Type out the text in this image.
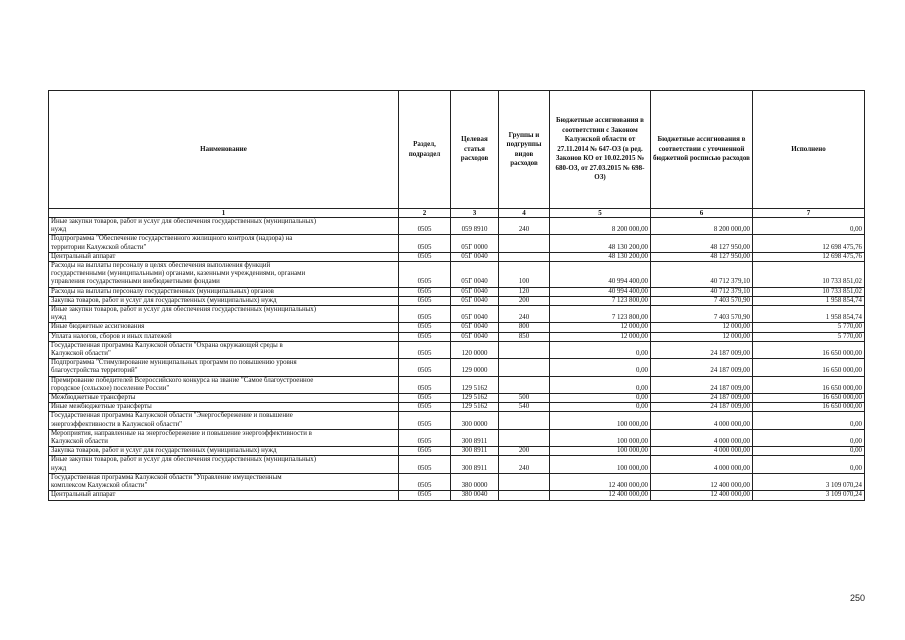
Наименование	Раздел, подраздел	Целевая статья расходов	Группы и подгруппы видов расходов	Бюджетные ассигнования в соответствии с Законом Калужской области от 27.11.2014 № 647-ОЗ (в ред. Законов КО от 10.02.2015 № 680-ОЗ, от 27.03.2015 № 698-ОЗ)	Бюджетные ассигнования в соответствии с уточненной бюджетной росписью расходов	Исполнено
1	2	3	4	5	6	7
Иные закупки товаров, работ и услуг для обеспечения государственных (муниципальных)
нужд	0505	059 8910	240	8 200 000,00	8 200 000,00	0,00
Подпрограмма "Обеспечение государственного жилищного контроля (надзора) на
территории Калужской области"	0505	05Г 0000		48 130 200,00	48 127 950,00	12 698 475,76
Центральный аппарат	0505	05Г 0040		48 130 200,00	48 127 950,00	12 698 475,76
Расходы на выплаты персоналу в целях обеспечения выполнения функций
государственными (муниципальными) органами, казенными учреждениями, органами
управления государственными внебюджетными фондами	0505	05Г 0040	100	40 994 400,00	40 712 379,10	10 733 851,02
Расходы на выплаты персоналу государственных (муниципальных) органов	0505	05Г 0040	120	40 994 400,00	40 712 379,10	10 733 851,02
Закупка товаров, работ и услуг для государственных (муниципальных) нужд	0505	05Г 0040	200	7 123 800,00	7 403 570,90	1 958 854,74
Иные закупки товаров, работ и услуг для обеспечения государственных (муниципальных)
нужд	0505	05Г 0040	240	7 123 800,00	7 403 570,90	1 958 854,74
Иные бюджетные ассигнования	0505	05Г 0040	800	12 000,00	12 000,00	5 770,00
Уплата налогов, сборов и иных платежей	0505	05Г 0040	850	12 000,00	12 000,00	5 770,00
Государственная программа Калужской области "Охрана окружающей среды в
Калужской области"	0505	120 0000		0,00	24 187 009,00	16 650 000,00
Подпрограмма "Стимулирование муниципальных программ по повышению уровня
благоустройства территорий"	0505	129 0000		0,00	24 187 009,00	16 650 000,00
Премирование победителей Всероссийского конкурса на звание "Самое благоустроенное
городское (сельское) поселение России"	0505	129 5162		0,00	24 187 009,00	16 650 000,00
Межбюджетные трансферты	0505	129 5162	500	0,00	24 187 009,00	16 650 000,00
Иные межбюджетные трансферты	0505	129 5162	540	0,00	24 187 009,00	16 650 000,00
Государственная программа Калужской области "Энергосбережение и повышение
энергоэффективности в Калужской области"	0505	300 0000		100 000,00	4 000 000,00	0,00
Мероприятия, направленные на энергосбережение и повышение энергоэффективности в
Калужской области	0505	300 8911		100 000,00	4 000 000,00	0,00
Закупка товаров, работ и услуг для государственных (муниципальных) нужд	0505	300 8911	200	100 000,00	4 000 000,00	0,00
Иные закупки товаров, работ и услуг для обеспечения государственных (муниципальных)
нужд	0505	300 8911	240	100 000,00	4 000 000,00	0,00
Государственная программа Калужской области "Управление имущественным
комплексом Калужской области"	0505	380 0000		12 400 000,00	12 400 000,00	3 109 070,24
Центральный аппарат	0505	380 0040		12 400 000,00	12 400 000,00	3 109 070,24
250
